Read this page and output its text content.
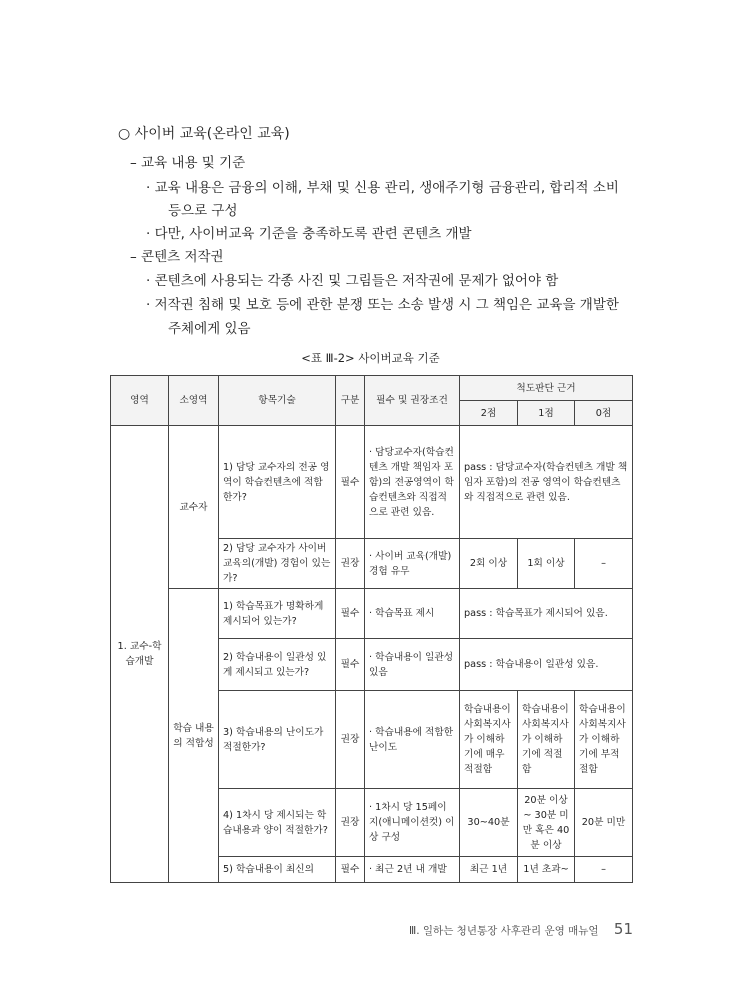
○ 사이버 교육(온라인 교육)
– 교육 내용 및 기준
· 교육 내용은 금융의 이해, 부채 및 신용 관리, 생애주기형 금융관리, 합리적 소비
등으로 구성
· 다만, 사이버교육 기준을 충족하도록 관련 콘텐츠 개발
– 콘텐츠 저작권
· 콘텐츠에 사용되는 각종 사진 및 그림들은 저작권에 문제가 없어야 함
· 저작권 침해 및 보호 등에 관한 분쟁 또는 소송 발생 시 그 책임은 교육을 개발한
주체에게 있음
<표 Ⅲ-2> 사이버교육 기준
영역	소영역	항목기술	구분	필수 및 권장조건	척도판단 근거		
					2점	1점	0점
1. 교수-학습개발	교수자	1) 담당 교수자의 전공 영역이 학습컨텐츠에 적합한가?	필수	· 담당교수자(학습컨텐츠 개발 책임자 포함)의 전공영역이 학습컨텐츠와 직접적으로 관련 있음.	pass : 담당교수자(학습컨텐츠 개발 책임자 포함)의 전공 영역이 학습컨텐츠와 직접적으로 관련 있음.		
		2) 담당 교수자가 사이버교육의(개발) 경험이 있는가?	권장	· 사이버 교육(개발) 경험 유무	2회 이상	1회 이상	–
	학습 내용의 적합성	1) 학습목표가 명확하게 제시되어 있는가?	필수	· 학습목표 제시	pass : 학습목표가 제시되어 있음.		
		2) 학습내용이 일관성 있게 제시되고 있는가?	필수	· 학습내용이 일관성 있음	pass : 학습내용이 일관성 있음.		
		3) 학습내용의 난이도가 적절한가?	권장	· 학습내용에 적합한 난이도	학습내용이 사회복지사가 이해하기에 매우 적절함	학습내용이 사회복지사가 이해하기에 적절함	학습내용이 사회복지사가 이해하기에 부적절함
		4) 1차시 당 제시되는 학습내용과 양이 적절한가?	권장	· 1차시 당 15페이지(애니메이션컷) 이상 구성	30~40분	20분 이상 ~ 30분 미만 혹은 40분 이상	20분 미만
		5) 학습내용이 최신의	필수	· 최근 2년 내 개발	최근 1년	1년 초과~	–
Ⅲ. 일하는 청년통장 사후관리 운영 매뉴얼 51
